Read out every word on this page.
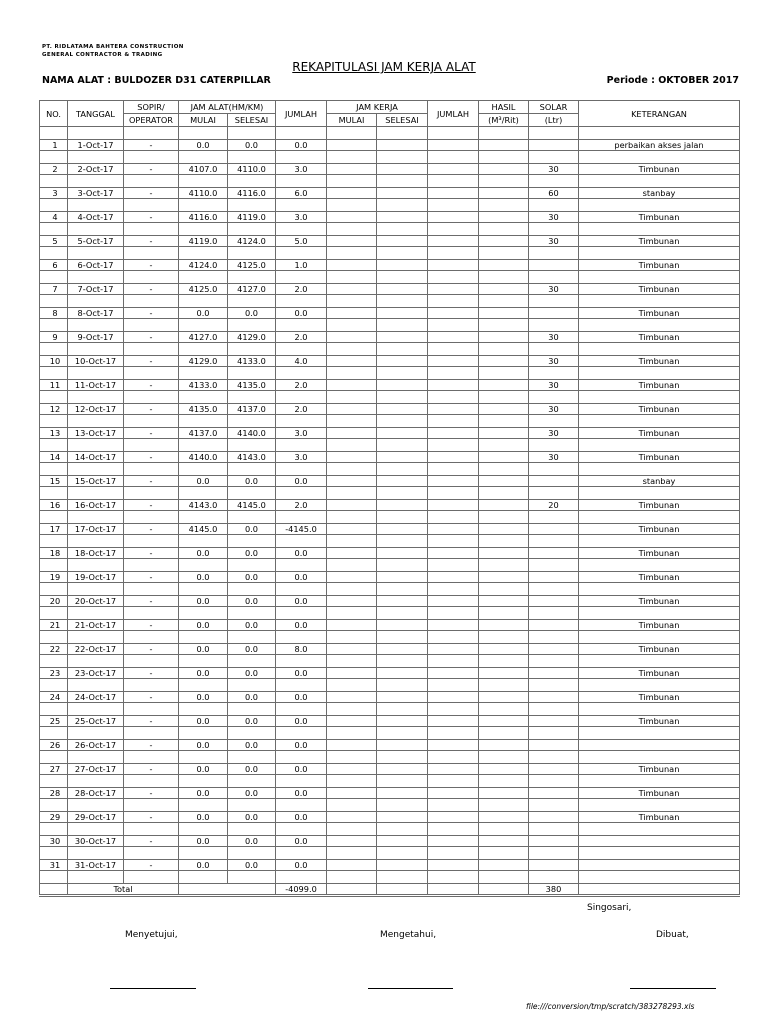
PT. RIDLATAMA BAHTERA CONSTRUCTION
GENERAL CONTRACTOR & TRADING
REKAPITULASI JAM KERJA ALAT
NAMA ALAT : BULDOZER D31 CATERPILLAR	Periode : OKTOBER 2017
NO.	TANGGAL	SOPIR/	JAM ALAT(HM/KM)		JUMLAH	JAM KERJA		JUMLAH	HASIL	SOLAR	KETERANGAN
		OPERATOR	MULAI	SELESAI		MULAI	SELESAI		(M³/Rit)	(Ltr)	

1	1-Oct-17	-	0.0	0.0	0.0						perbaikan akses jalan

2	2-Oct-17	-	4107.0	4110.0	3.0					30	Timbunan

3	3-Oct-17	-	4110.0	4116.0	6.0					60	stanbay

4	4-Oct-17	-	4116.0	4119.0	3.0					30	Timbunan

5	5-Oct-17	-	4119.0	4124.0	5.0					30	Timbunan

6	6-Oct-17	-	4124.0	4125.0	1.0						Timbunan

7	7-Oct-17	-	4125.0	4127.0	2.0					30	Timbunan

8	8-Oct-17	-	0.0	0.0	0.0						Timbunan

9	9-Oct-17	-	4127.0	4129.0	2.0					30	Timbunan

10	10-Oct-17	-	4129.0	4133.0	4.0					30	Timbunan

11	11-Oct-17	-	4133.0	4135.0	2.0					30	Timbunan

12	12-Oct-17	-	4135.0	4137.0	2.0					30	Timbunan

13	13-Oct-17	-	4137.0	4140.0	3.0					30	Timbunan

14	14-Oct-17	-	4140.0	4143.0	3.0					30	Timbunan

15	15-Oct-17	-	0.0	0.0	0.0						stanbay

16	16-Oct-17	-	4143.0	4145.0	2.0					20	Timbunan

17	17-Oct-17	-	4145.0	0.0	-4145.0						Timbunan

18	18-Oct-17	-	0.0	0.0	0.0						Timbunan

19	19-Oct-17	-	0.0	0.0	0.0						Timbunan

20	20-Oct-17	-	0.0	0.0	0.0						Timbunan

21	21-Oct-17	-	0.0	0.0	0.0						Timbunan

22	22-Oct-17	-	0.0	0.0	8.0						Timbunan

23	23-Oct-17	-	0.0	0.0	0.0						Timbunan

24	24-Oct-17	-	0.0	0.0	0.0						Timbunan

25	25-Oct-17	-	0.0	0.0	0.0						Timbunan

26	26-Oct-17	-	0.0	0.0	0.0						

27	27-Oct-17	-	0.0	0.0	0.0						Timbunan

28	28-Oct-17	-	0.0	0.0	0.0						Timbunan

29	29-Oct-17	-	0.0	0.0	0.0						Timbunan

30	30-Oct-17	-	0.0	0.0	0.0						

31	31-Oct-17	-	0.0	0.0	0.0						

	Total				-4099.0					380	
Singosari,
Menyetujui,	Mengetahui,	Dibuat,
file:///conversion/tmp/scratch/383278293.xls
